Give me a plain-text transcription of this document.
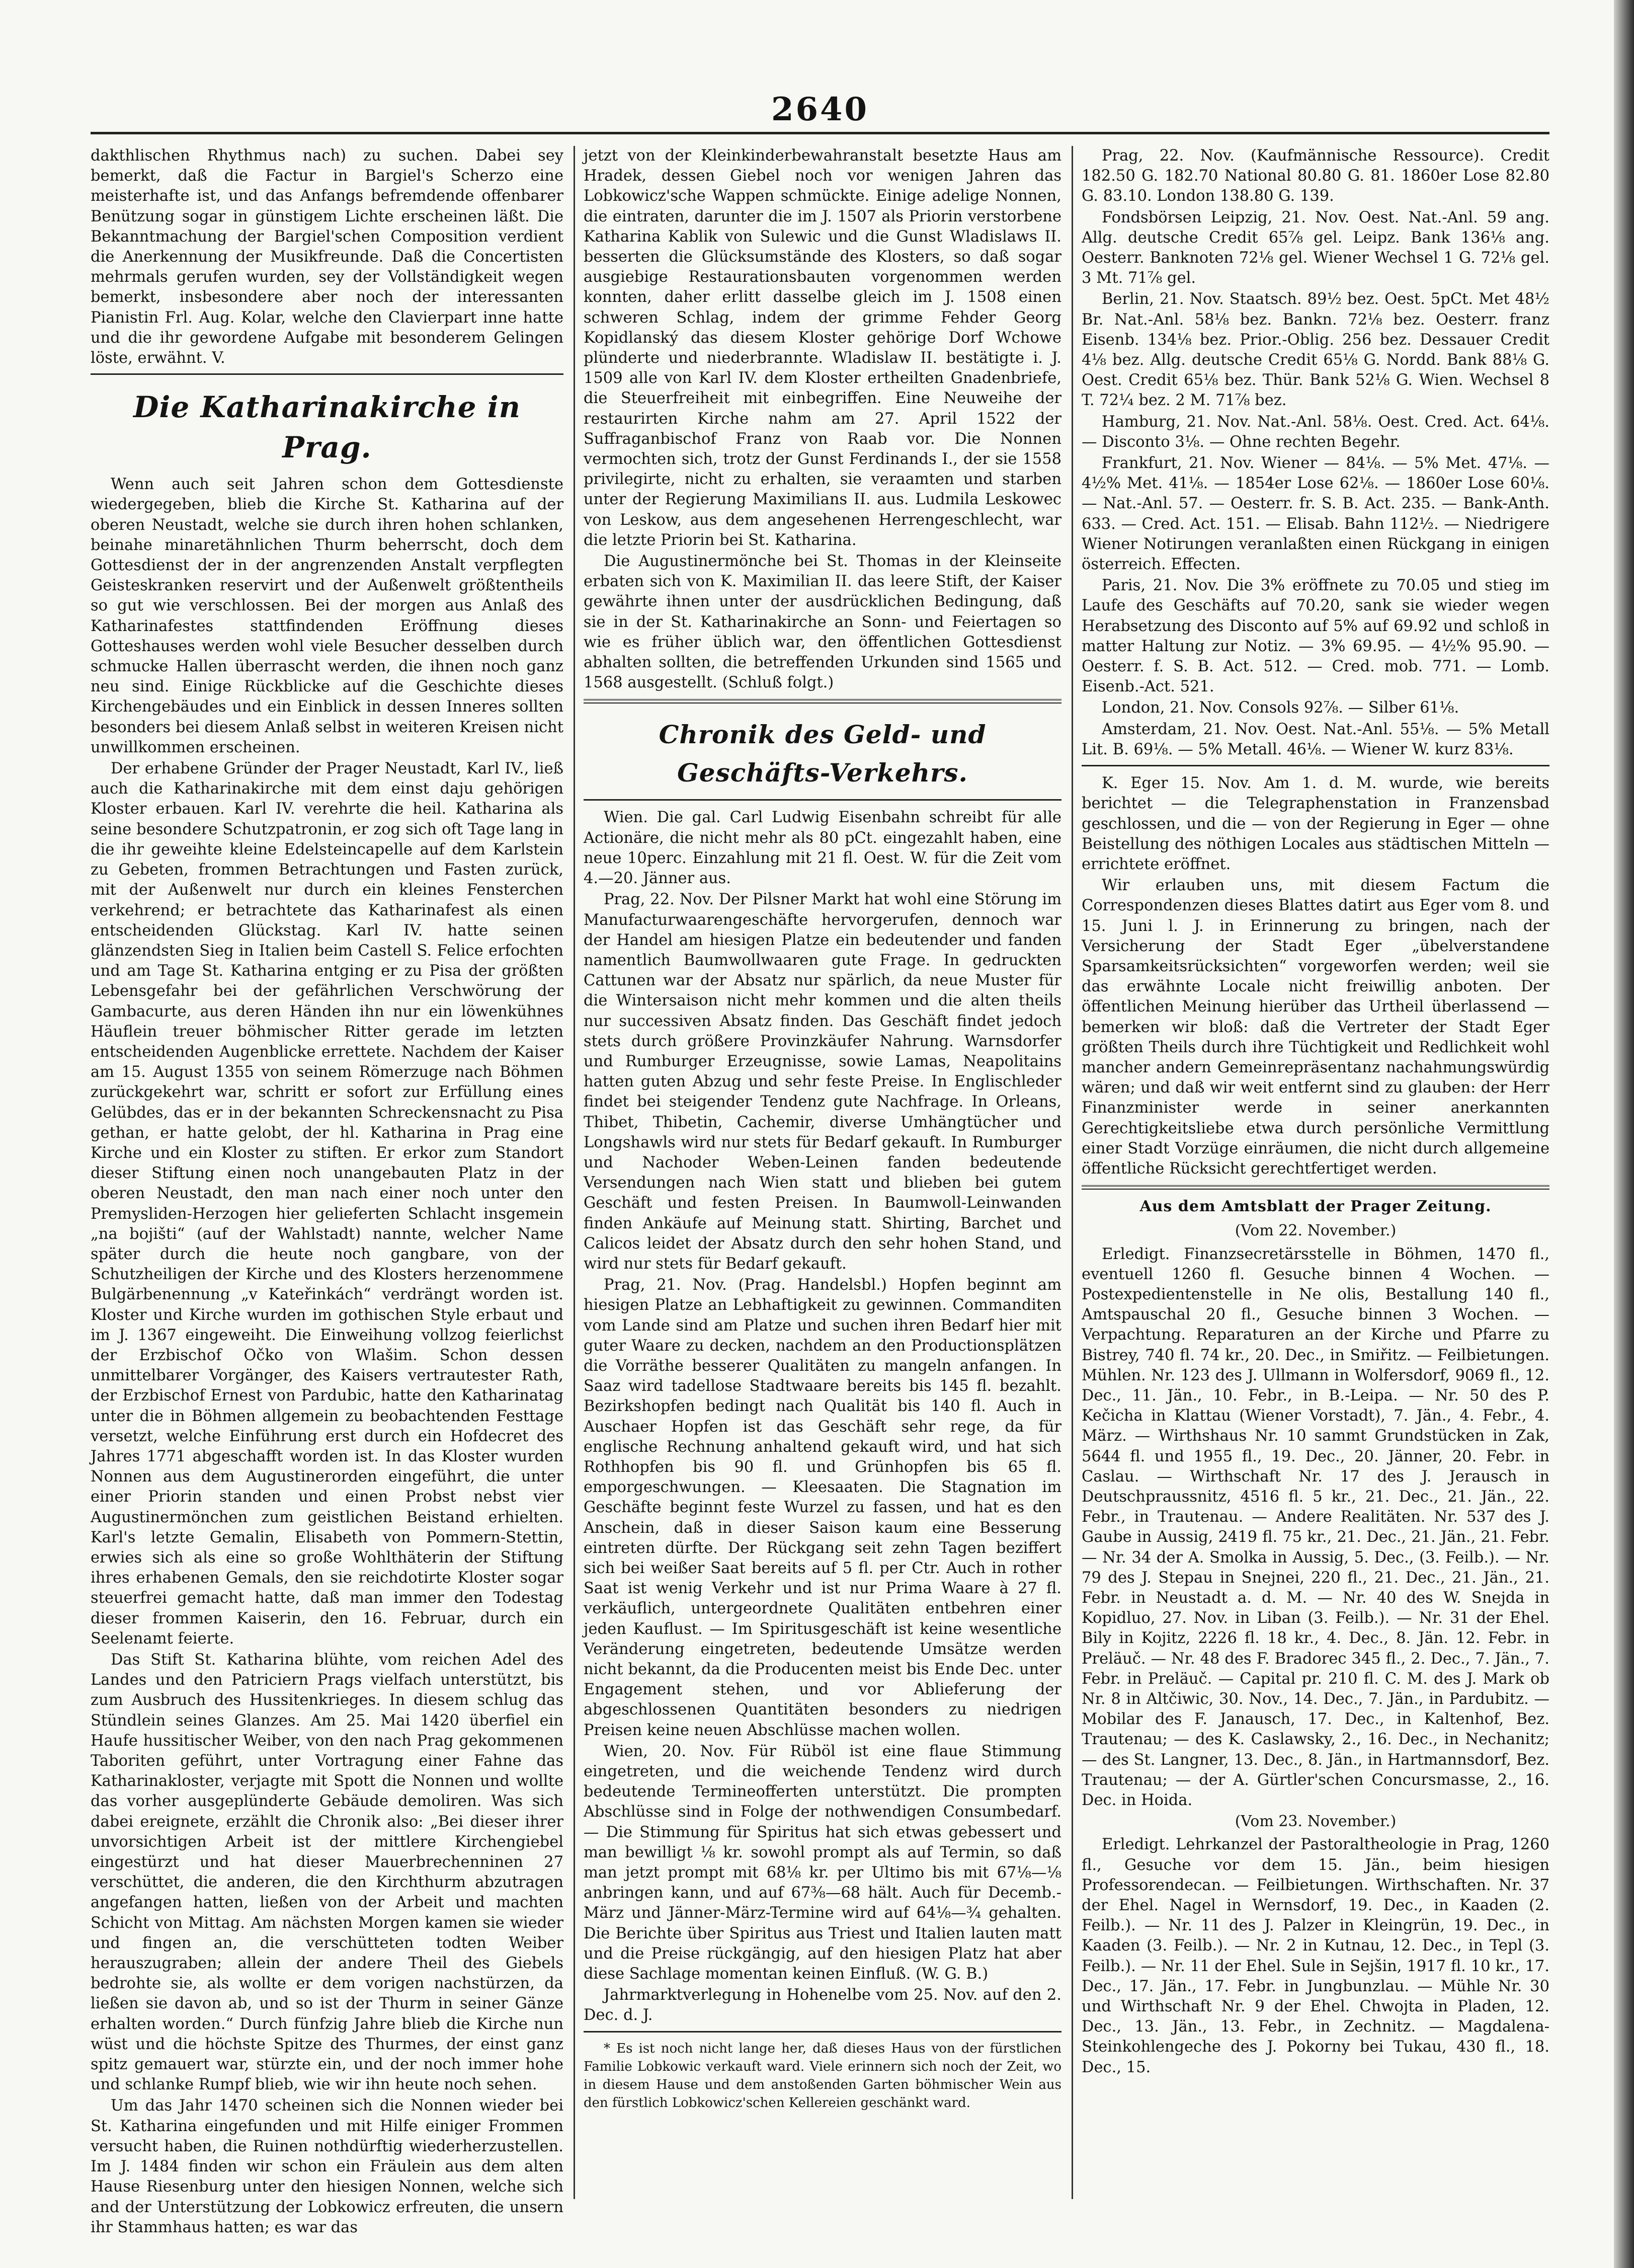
2640

dakthlischen Rhythmus nach) zu suchen. Dabei sey bemerkt, daß die Factur in Bargiel's Scherzo eine meisterhafte ist, und das Anfangs befremdende offenbarer Benützung sogar in günstigem Lichte erscheinen läßt. Die Bekanntmachung der Bargiel'schen Composition verdient die Anerkennung der Musikfreunde. Daß die Concertisten mehrmals gerufen wurden, sey der Vollständigkeit wegen bemerkt, insbesondere aber noch der interessanten Pianistin Frl. Aug. Kolar, welche den Clavierpart inne hatte und die ihr gewordene Aufgabe mit besonderem Gelingen löste, erwähnt. V.

Die Katharinakirche in Prag.

Wenn auch seit Jahren schon dem Gottesdienste wiedergegeben, blieb die Kirche St. Katharina auf der oberen Neustadt, welche sie durch ihren hohen schlanken, beinahe minaretähnlichen Thurm beherrscht, doch dem Gottesdienst der in der angrenzenden Anstalt verpflegten Geisteskranken reservirt und der Außenwelt größtentheils so gut wie verschlossen. Bei der morgen aus Anlaß des Katharinafestes stattfindenden Eröffnung dieses Gotteshauses werden wohl viele Besucher desselben durch schmucke Hallen überrascht werden, die ihnen noch ganz neu sind. Einige Rückblicke auf die Geschichte dieses Kirchengebäudes und ein Einblick in dessen Inneres sollten besonders bei diesem Anlaß selbst in weiteren Kreisen nicht unwillkommen erscheinen.

Der erhabene Gründer der Prager Neustadt, Karl IV., ließ auch die Katharinakirche mit dem einst daju gehörigen Kloster erbauen. Karl IV. verehrte die heil. Katharina als seine besondere Schutzpatronin, er zog sich oft Tage lang in die ihr geweihte kleine Edelsteincapelle auf dem Karlstein zu Gebeten, frommen Betrachtungen und Fasten zurück, mit der Außenwelt nur durch ein kleines Fensterchen verkehrend; er betrachtete das Katharinafest als einen entscheidenden Glückstag. Karl IV. hatte seinen glänzendsten Sieg in Italien beim Castell S. Felice erfochten und am Tage St. Katharina entging er zu Pisa der größten Lebensgefahr bei der gefährlichen Verschwörung der Gambacurte, aus deren Händen ihn nur ein löwenkühnes Häuflein treuer böhmischer Ritter gerade im letzten entscheidenden Augenblicke errettete. Nachdem der Kaiser am 15. August 1355 von seinem Römerzuge nach Böhmen zurückgekehrt war, schritt er sofort zur Erfüllung eines Gelübdes, das er in der bekannten Schreckensnacht zu Pisa gethan, er hatte gelobt, der hl. Katharina in Prag eine Kirche und ein Kloster zu stiften. Er erkor zum Standort dieser Stiftung einen noch unangebauten Platz in der oberen Neustadt, den man nach einer noch unter den Premysliden-Herzogen hier gelieferten Schlacht insgemein „na bojišti“ (auf der Wahlstadt) nannte, welcher Name später durch die heute noch gangbare, von der Schutzheiligen der Kirche und des Klosters herzenommene Bulgärbenennung „v Kateřinkách“ verdrängt worden ist. Kloster und Kirche wurden im gothischen Style erbaut und im J. 1367 eingeweiht. Die Einweihung vollzog feierlichst der Erzbischof Očko von Wlašim. Schon dessen unmittelbarer Vorgänger, des Kaisers vertrautester Rath, der Erzbischof Ernest von Pardubic, hatte den Katharinatag unter die in Böhmen allgemein zu beobachtenden Festtage versetzt, welche Einführung erst durch ein Hofdecret des Jahres 1771 abgeschafft worden ist. In das Kloster wurden Nonnen aus dem Augustinerorden eingeführt, die unter einer Priorin standen und einen Probst nebst vier Augustinermönchen zum geistlichen Beistand erhielten. Karl's letzte Gemalin, Elisabeth von Pommern-Stettin, erwies sich als eine so große Wohlthäterin der Stiftung ihres erhabenen Gemals, den sie reichdotirte Kloster sogar steuerfrei gemacht hatte, daß man immer den Todestag dieser frommen Kaiserin, den 16. Februar, durch ein Seelenamt feierte.

Das Stift St. Katharina blühte, vom reichen Adel des Landes und den Patriciern Prags vielfach unterstützt, bis zum Ausbruch des Hussitenkrieges. In diesem schlug das Stündlein seines Glanzes. Am 25. Mai 1420 überfiel ein Haufe hussitischer Weiber, von den nach Prag gekommenen Taboriten geführt, unter Vortragung einer Fahne das Katharinakloster, verjagte mit Spott die Nonnen und wollte das vorher ausgeplünderte Gebäude demoliren. Was sich dabei ereignete, erzählt die Chronik also: „Bei dieser ihrer unvorsichtigen Arbeit ist der mittlere Kirchengiebel eingestürzt und hat dieser Mauerbrechenninen 27 verschüttet, die anderen, die den Kirchthurm abzutragen angefangen hatten, ließen von der Arbeit und machten Schicht von Mittag. Am nächsten Morgen kamen sie wieder und fingen an, die verschütteten todten Weiber herauszugraben; allein der andere Theil des Giebels bedrohte sie, als wollte er dem vorigen nachstürzen, da ließen sie davon ab, und so ist der Thurm in seiner Gänze erhalten worden.“ Durch fünfzig Jahre blieb die Kirche nun wüst und die höchste Spitze des Thurmes, der einst ganz spitz gemauert war, stürzte ein, und der noch immer hohe und schlanke Rumpf blieb, wie wir ihn heute noch sehen.

Um das Jahr 1470 scheinen sich die Nonnen wieder bei St. Katharina eingefunden und mit Hilfe einiger Frommen versucht haben, die Ruinen nothdürftig wiederherzustellen. Im J. 1484 finden wir schon ein Fräulein aus dem alten Hause Riesenburg unter den hiesigen Nonnen, welche sich and der Unterstützung der Lobkowicz erfreuten, die unsern ihr Stammhaus hatten; es war das

jetzt von der Kleinkinderbewahranstalt besetzte Haus am Hradek, dessen Giebel noch vor wenigen Jahren das Lobkowicz'sche Wappen schmückte. Einige adelige Nonnen, die eintraten, darunter die im J. 1507 als Priorin verstorbene Katharina Kablik von Sulewic und die Gunst Wladislaws II. besserten die Glücksumstände des Klosters, so daß sogar ausgiebige Restaurationsbauten vorgenommen werden konnten, daher erlitt dasselbe gleich im J. 1508 einen schweren Schlag, indem der grimme Fehder Georg Kopidlanský das diesem Kloster gehörige Dorf Wchowe plünderte und niederbrannte. Wladislaw II. bestätigte i. J. 1509 alle von Karl IV. dem Kloster ertheilten Gnadenbriefe, die Steuerfreiheit mit einbegriffen. Eine Neuweihe der restaurirten Kirche nahm am 27. April 1522 der Suffraganbischof Franz von Raab vor. Die Nonnen vermochten sich, trotz der Gunst Ferdinands I., der sie 1558 privilegirte, nicht zu erhalten, sie veraamten und starben unter der Regierung Maximilians II. aus. Ludmila Leskowec von Leskow, aus dem angesehenen Herrengeschlecht, war die letzte Priorin bei St. Katharina.

Die Augustinermönche bei St. Thomas in der Kleinseite erbaten sich von K. Maximilian II. das leere Stift, der Kaiser gewährte ihnen unter der ausdrücklichen Bedingung, daß sie in der St. Katharinakirche an Sonn- und Feiertagen so wie es früher üblich war, den öffentlichen Gottesdienst abhalten sollten, die betreffenden Urkunden sind 1565 und 1568 ausgestellt. (Schluß folgt.)

Chronik des Geld- und Geschäfts-Verkehrs.

Wien. Die gal. Carl Ludwig Eisenbahn schreibt für alle Actionäre, die nicht mehr als 80 pCt. eingezahlt haben, eine neue 10perc. Einzahlung mit 21 fl. Oest. W. für die Zeit vom 4.—20. Jänner aus.

Prag, 22. Nov. Der Pilsner Markt hat wohl eine Störung im Manufacturwaarengeschäfte hervorgerufen, dennoch war der Handel am hiesigen Platze ein bedeutender und fanden namentlich Baumwollwaaren gute Frage. In gedruckten Cattunen war der Absatz nur spärlich, da neue Muster für die Wintersaison nicht mehr kommen und die alten theils nur successiven Absatz finden. Das Geschäft findet jedoch stets durch größere Provinzkäufer Nahrung. Warnsdorfer und Rumburger Erzeugnisse, sowie Lamas, Neapolitains hatten guten Abzug und sehr feste Preise. In Englischleder findet bei steigender Tendenz gute Nachfrage. In Orleans, Thibet, Thibetin, Cachemir, diverse Umhängtücher und Longshawls wird nur stets für Bedarf gekauft. In Rumburger und Nachoder Weben-Leinen fanden bedeutende Versendungen nach Wien statt und blieben bei gutem Geschäft und festen Preisen. In Baumwoll-Leinwanden finden Ankäufe auf Meinung statt. Shirting, Barchet und Calicos leidet der Absatz durch den sehr hohen Stand, und wird nur stets für Bedarf gekauft.

Prag, 21. Nov. (Prag. Handelsbl.) Hopfen beginnt am hiesigen Platze an Lebhaftigkeit zu gewinnen. Commanditen vom Lande sind am Platze und suchen ihren Bedarf hier mit guter Waare zu decken, nachdem an den Productionsplätzen die Vorräthe besserer Qualitäten zu mangeln anfangen. In Saaz wird tadellose Stadtwaare bereits bis 145 fl. bezahlt. Bezirkshopfen bedingt nach Qualität bis 140 fl. Auch in Auschaer Hopfen ist das Geschäft sehr rege, da für englische Rechnung anhaltend gekauft wird, und hat sich Rothhopfen bis 90 fl. und Grünhopfen bis 65 fl. emporgeschwungen. — Kleesaaten. Die Stagnation im Geschäfte beginnt feste Wurzel zu fassen, und hat es den Anschein, daß in dieser Saison kaum eine Besserung eintreten dürfte. Der Rückgang seit zehn Tagen beziffert sich bei weißer Saat bereits auf 5 fl. per Ctr. Auch in rother Saat ist wenig Verkehr und ist nur Prima Waare à 27 fl. verkäuflich, untergeordnete Qualitäten entbehren einer jeden Kauflust. — Im Spiritusgeschäft ist keine wesentliche Veränderung eingetreten, bedeutende Umsätze werden nicht bekannt, da die Producenten meist bis Ende Dec. unter Engagement stehen, und vor Ablieferung der abgeschlossenen Quantitäten besonders zu niedrigen Preisen keine neuen Abschlüsse machen wollen.

Wien, 20. Nov. Für Rüböl ist eine flaue Stimmung eingetreten, und die weichende Tendenz wird durch bedeutende Termineofferten unterstützt. Die prompten Abschlüsse sind in Folge der nothwendigen Consumbedarf. — Die Stimmung für Spiritus hat sich etwas gebessert und man bewilligt ⅛ kr. sowohl prompt als auf Termin, so daß man jetzt prompt mit 68⅛ kr. per Ultimo bis mit 67⅛—⅛ anbringen kann, und auf 67⅜—68 hält. Auch für Decemb.-März und Jänner-März-Termine wird auf 64⅛—¾ gehalten. Die Berichte über Spiritus aus Triest und Italien lauten matt und die Preise rückgängig, auf den hiesigen Platz hat aber diese Sachlage momentan keinen Einfluß. (W. G. B.)

Jahrmarktverlegung in Hohenelbe vom 25. Nov. auf den 2. Dec. d. J.

* Es ist noch nicht lange her, daß dieses Haus von der fürstlichen Familie Lobkowic verkauft ward. Viele erinnern sich noch der Zeit, wo in diesem Hause und dem anstoßenden Garten böhmischer Wein aus den fürstlich Lobkowicz'schen Kellereien geschänkt ward.

Prag, 22. Nov. (Kaufmännische Ressource). Credit 182.50 G. 182.70 National 80.80 G. 81. 1860er Lose 82.80 G. 83.10. London 138.80 G. 139.

Fondsbörsen Leipzig, 21. Nov. Oest. Nat.-Anl. 59 ang. Allg. deutsche Credit 65⅞ gel. Leipz. Bank 136⅛ ang. Oesterr. Banknoten 72⅛ gel. Wiener Wechsel 1 G. 72⅛ gel. 3 Mt. 71⅞ gel.

Berlin, 21. Nov. Staatsch. 89½ bez. Oest. 5pCt. Met 48½ Br. Nat.-Anl. 58⅛ bez. Bankn. 72⅛ bez. Oesterr. franz Eisenb. 134⅛ bez. Prior.-Oblig. 256 bez. Dessauer Credit 4⅛ bez. Allg. deutsche Credit 65⅛ G. Nordd. Bank 88⅛ G. Oest. Credit 65⅛ bez. Thür. Bank 52⅛ G. Wien. Wechsel 8 T. 72¼ bez. 2 M. 71⅞ bez.

Hamburg, 21. Nov. Nat.-Anl. 58⅛. Oest. Cred. Act. 64⅛. — Disconto 3⅛. — Ohne rechten Begehr.

Frankfurt, 21. Nov. Wiener — 84⅛. — 5% Met. 47⅛. — 4½% Met. 41⅛. — 1854er Lose 62⅛. — 1860er Lose 60⅛. — Nat.-Anl. 57. — Oesterr. fr. S. B. Act. 235. — Bank-Anth. 633. — Cred. Act. 151. — Elisab. Bahn 112½. — Niedrigere Wiener Notirungen veranlaßten einen Rückgang in einigen österreich. Effecten.

Paris, 21. Nov. Die 3% eröffnete zu 70.05 und stieg im Laufe des Geschäfts auf 70.20, sank sie wieder wegen Herabsetzung des Disconto auf 5% auf 69.92 und schloß in matter Haltung zur Notiz. — 3% 69.95. — 4½% 95.90. — Oesterr. f. S. B. Act. 512. — Cred. mob. 771. — Lomb. Eisenb.-Act. 521.

London, 21. Nov. Consols 92⅞. — Silber 61⅛.

Amsterdam, 21. Nov. Oest. Nat.-Anl. 55⅛. — 5% Metall Lit. B. 69⅛. — 5% Metall. 46⅛. — Wiener W. kurz 83⅛.

K. Eger 15. Nov. Am 1. d. M. wurde, wie bereits berichtet — die Telegraphenstation in Franzensbad geschlossen, und die — von der Regierung in Eger — ohne Beistellung des nöthigen Locales aus städtischen Mitteln — errichtete eröffnet.

Wir erlauben uns, mit diesem Factum die Correspondenzen dieses Blattes datirt aus Eger vom 8. und 15. Juni l. J. in Erinnerung zu bringen, nach der Versicherung der Stadt Eger „übelverstandene Sparsamkeitsrücksichten“ vorgeworfen werden; weil sie das erwähnte Locale nicht freiwillig anboten. Der öffentlichen Meinung hierüber das Urtheil überlassend — bemerken wir bloß: daß die Vertreter der Stadt Eger größten Theils durch ihre Tüchtigkeit und Redlichkeit wohl mancher andern Gemeinrepräsentanz nachahmungswürdig wären; und daß wir weit entfernt sind zu glauben: der Herr Finanzminister werde in seiner anerkannten Gerechtigkeitsliebe etwa durch persönliche Vermittlung einer Stadt Vorzüge einräumen, die nicht durch allgemeine öffentliche Rücksicht gerechtfertiget werden.

Aus dem Amtsblatt der Prager Zeitung.
(Vom 22. November.)

Erledigt. Finanzsecretärsstelle in Böhmen, 1470 fl., eventuell 1260 fl. Gesuche binnen 4 Wochen. — Postexpedientenstelle in Ne olis, Bestallung 140 fl., Amtspauschal 20 fl., Gesuche binnen 3 Wochen. — Verpachtung. Reparaturen an der Kirche und Pfarre zu Bistrey, 740 fl. 74 kr., 20. Dec., in Smiřitz. — Feilbietungen. Mühlen. Nr. 123 des J. Ullmann in Wolfersdorf, 9069 fl., 12. Dec., 11. Jän., 10. Febr., in B.-Leipa. — Nr. 50 des P. Kečicha in Klattau (Wiener Vorstadt), 7. Jän., 4. Febr., 4. März. — Wirthshaus Nr. 10 sammt Grundstücken in Zak, 5644 fl. und 1955 fl., 19. Dec., 20. Jänner, 20. Febr. in Caslau. — Wirthschaft Nr. 17 des J. Jerausch in Deutschpraussnitz, 4516 fl. 5 kr., 21. Dec., 21. Jän., 22. Febr., in Trautenau. — Andere Realitäten. Nr. 537 des J. Gaube in Aussig, 2419 fl. 75 kr., 21. Dec., 21. Jän., 21. Febr. — Nr. 34 der A. Smolka in Aussig, 5. Dec., (3. Feilb.). — Nr. 79 des J. Stepau in Snejnei, 220 fl., 21. Dec., 21. Jän., 21. Febr. in Neustadt a. d. M. — Nr. 40 des W. Snejda in Kopidluo, 27. Nov. in Liban (3. Feilb.). — Nr. 31 der Ehel. Bily in Kojitz, 2226 fl. 18 kr., 4. Dec., 8. Jän. 12. Febr. in Preläuč. — Nr. 48 des F. Bradorec 345 fl., 2. Dec., 7. Jän., 7. Febr. in Preläuč. — Capital pr. 210 fl. C. M. des J. Mark ob Nr. 8 in Altčiwic, 30. Nov., 14. Dec., 7. Jän., in Pardubitz. — Mobilar des F. Janausch, 17. Dec., in Kaltenhof, Bez. Trautenau; — des K. Caslawsky, 2., 16. Dec., in Nechanitz; — des St. Langner, 13. Dec., 8. Jän., in Hartmannsdorf, Bez. Trautenau; — der A. Gürtler'schen Concursmasse, 2., 16. Dec. in Hoida.

(Vom 23. November.)

Erledigt. Lehrkanzel der Pastoraltheologie in Prag, 1260 fl., Gesuche vor dem 15. Jän., beim hiesigen Professorendecan. — Feilbietungen. Wirthschaften. Nr. 37 der Ehel. Nagel in Wernsdorf, 19. Dec., in Kaaden (2. Feilb.). — Nr. 11 des J. Palzer in Kleingrün, 19. Dec., in Kaaden (3. Feilb.). — Nr. 2 in Kutnau, 12. Dec., in Tepl (3. Feilb.). — Nr. 11 der Ehel. Sule in Sejšin, 1917 fl. 10 kr., 17. Dec., 17. Jän., 17. Febr. in Jungbunzlau. — Mühle Nr. 30 und Wirthschaft Nr. 9 der Ehel. Chwojta in Pladen, 12. Dec., 13. Jän., 13. Febr., in Zechnitz. — Magdalena-Steinkohlengeche des J. Pokorny bei Tukau, 430 fl., 18. Dec., 15.
